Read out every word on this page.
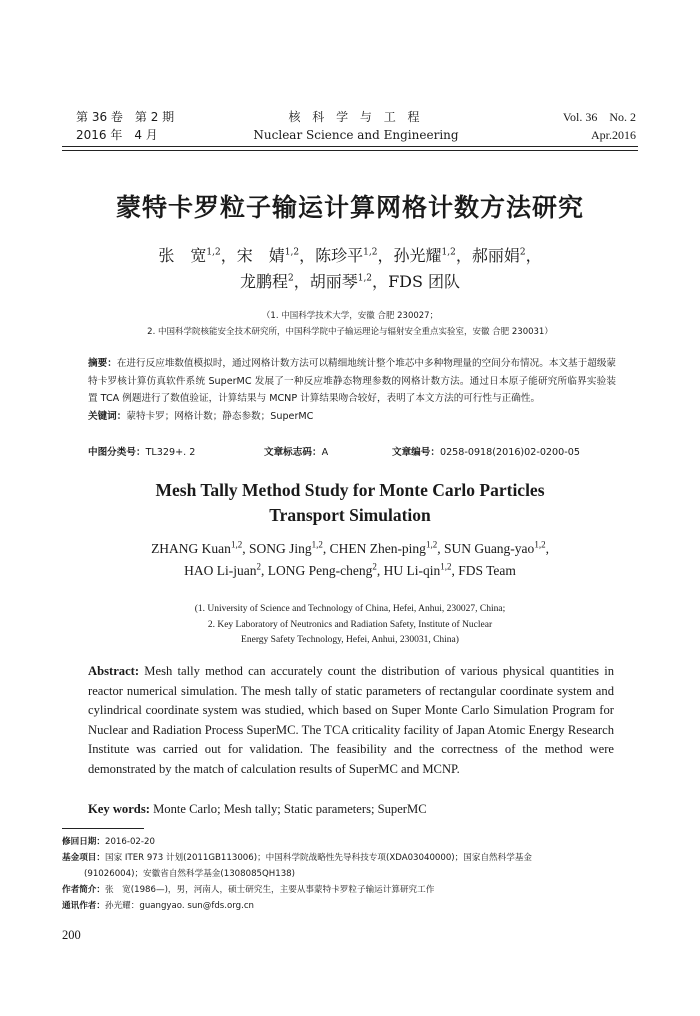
第 36 卷　第 2 期
2016 年　4 月
核 科 学 与 工 程
Nuclear Science and Engineering
Vol. 36　No. 2
Apr.2016
蒙特卡罗粒子输运计算网格计数方法研究
张　宽$^{1,2}$，宋　婧$^{1,2}$，陈珍平$^{1,2}$，孙光耀$^{1,2}$，郝丽娟$^2$，
龙鹏程$^2$，胡丽琴$^{1,2}$，FDS 团队
（1. 中国科学技术大学，安徽 合肥 230027；
2. 中国科学院核能安全技术研究所，中国科学院中子输运理论与辐射安全重点实验室，安徽 合肥 230031）
摘要：在进行反应堆数值模拟时，通过网格计数方法可以精细地统计整个堆芯中多种物理量的空间分布情况。本文基于超级蒙特卡罗核计算仿真软件系统 SuperMC 发展了一种反应堆静态物理参数的网格计数方法。通过日本原子能研究所临界实验装置 TCA 例题进行了数值验证，计算结果与 MCNP 计算结果吻合较好，表明了本文方法的可行性与正确性。
关键词：蒙特卡罗；网格计数；静态参数；SuperMC
中图分类号：TL329+. 2	文章标志码：A	文章编号：0258-0918(2016)02-0200-05
Mesh Tally Method Study for Monte Carlo Particles
Transport Simulation
ZHANG Kuan$^{1,2}$, SONG Jing$^{1,2}$, CHEN Zhen-ping$^{1,2}$, SUN Guang-yao$^{1,2}$,
HAO Li-juan$^2$, LONG Peng-cheng$^2$, HU Li-qin$^{1,2}$, FDS Team
(1. University of Science and Technology of China, Hefei, Anhui, 230027, China;
2. Key Laboratory of Neutronics and Radiation Safety, Institute of Nuclear
Energy Safety Technology, Hefei, Anhui, 230031, China)
Abstract: Mesh tally method can accurately count the distribution of various physical quantities in reactor numerical simulation. The mesh tally of static parameters of rectangular coordinate system and cylindrical coordinate system was studied, which based on Super Monte Carlo Simulation Program for Nuclear and Radiation Process SuperMC. The TCA criticality facility of Japan Atomic Energy Research Institute was carried out for validation. The feasibility and the correctness of the method were demonstrated by the match of calculation results of SuperMC and MCNP.
Key words: Monte Carlo; Mesh tally; Static parameters; SuperMC
修回日期：2016-02-20
基金项目：国家 ITER 973 计划(2011GB113006)；中国科学院战略性先导科技专项(XDA03040000)；国家自然科学基金
(91026004)；安徽省自然科学基金(1308085QH138)
作者简介：张　宽(1986—)，男，河南人，硕士研究生，主要从事蒙特卡罗粒子输运计算研究工作
通讯作者：孙光耀：guangyao. sun@fds.org.cn
200
